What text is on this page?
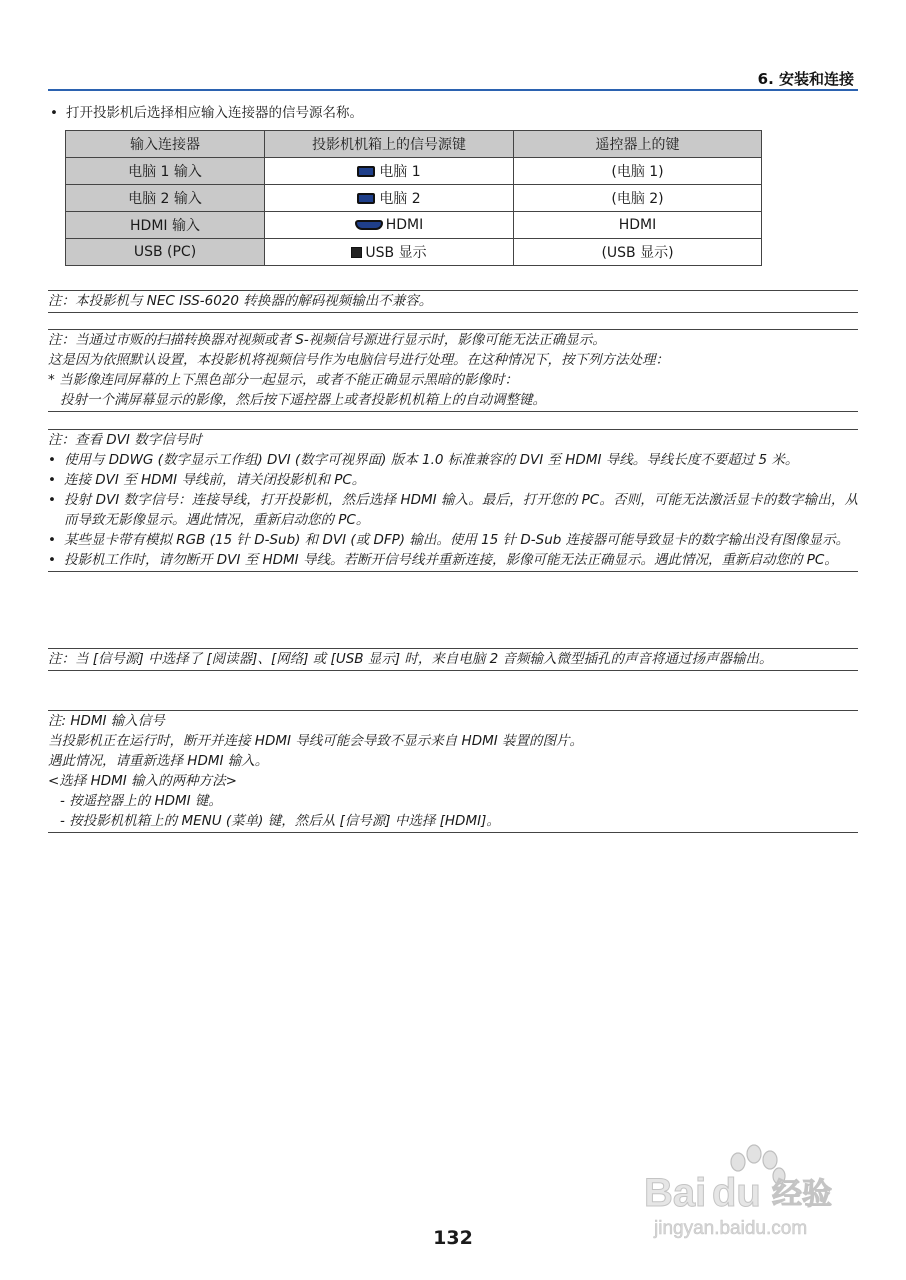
6. 安装和连接
• 打开投影机后选择相应输入连接器的信号源名称。
输入连接器	投影机机箱上的信号源键	遥控器上的键
电脑 1 输入	电脑 1	(电脑 1)
电脑 2 输入	电脑 2	(电脑 2)
HDMI 输入	HDMI	HDMI
USB (PC)	USB 显示	(USB 显示)

注：本投影机与 NEC ISS-6020 转换器的解码视频输出不兼容。

注：当通过市贩的扫描转换器对视频或者 S-视频信号源进行显示时，影像可能无法正确显示。

这是因为依照默认设置，本投影机将视频信号作为电脑信号进行处理。在这种情况下，按下列方法处理：

* 当影像连同屏幕的上下黑色部分一起显示，或者不能正确显示黑暗的影像时：

投射一个满屏幕显示的影像，然后按下遥控器上或者投影机机箱上的自动调整键。

注：查看 DVI 数字信号时

• 使用与 DDWG (数字显示工作组) DVI (数字可视界面) 版本 1.0 标准兼容的 DVI 至 HDMI 导线。导线长度不要超过 5 米。
• 连接 DVI 至 HDMI 导线前，请关闭投影机和 PC。
• 投射 DVI 数字信号：连接导线，打开投影机，然后选择 HDMI 输入。最后，打开您的 PC。否则，可能无法激活显卡的数字输出，从而导致无影像显示。遇此情况，重新启动您的 PC。
• 某些显卡带有模拟 RGB (15 针 D-Sub) 和 DVI (或 DFP) 输出。使用 15 针 D-Sub 连接器可能导致显卡的数字输出没有图像显示。
• 投影机工作时，请勿断开 DVI 至 HDMI 导线。若断开信号线并重新连接，影像可能无法正确显示。遇此情况，重新启动您的 PC。

注：当 [信号源] 中选择了 [阅读器]、[网络] 或 [USB 显示] 时，来自电脑 2 音频输入微型插孔的声音将通过扬声器输出。

注: HDMI 输入信号

当投影机正在运行时，断开并连接 HDMI 导线可能会导致不显示来自 HDMI 装置的图片。

遇此情况，请重新选择 HDMI 输入。

<选择 HDMI 输入的两种方法>

- 按遥控器上的 HDMI 键。

- 按投影机机箱上的 MENU (菜单) 键，然后从 [信号源] 中选择 [HDMI]。

Bai du 经验
jingyan.baidu.com
132
